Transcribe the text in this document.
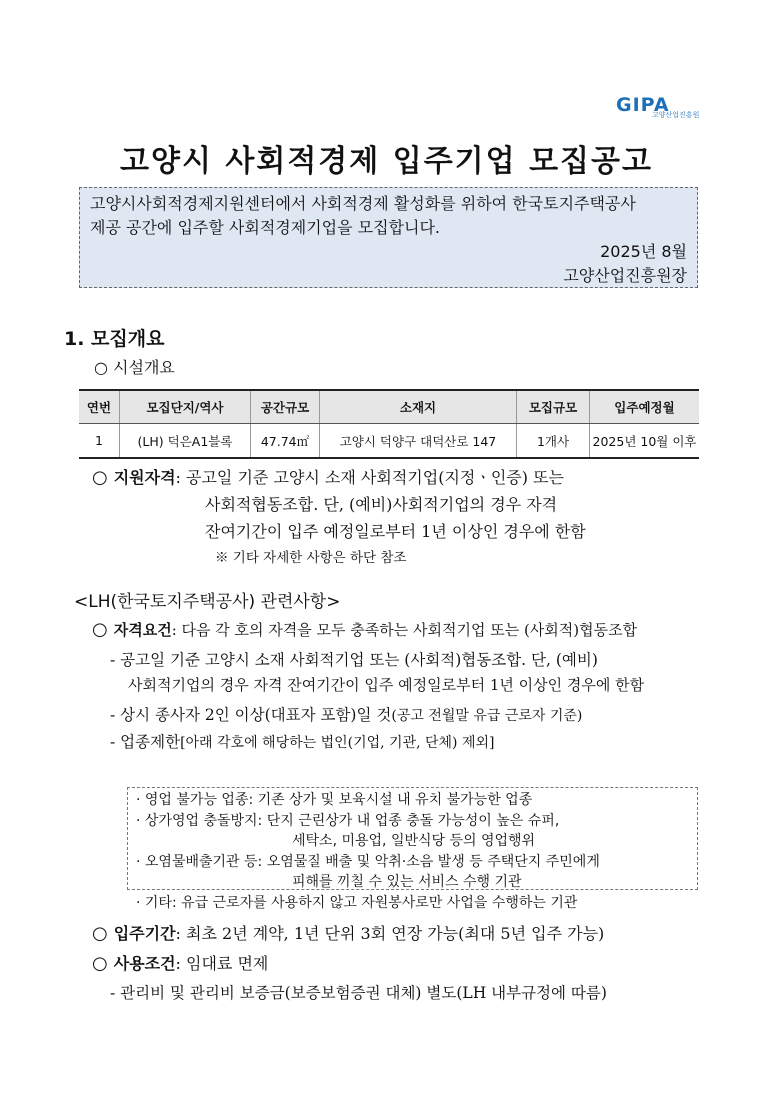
GIPA
고양산업진흥원
고양시 사회적경제 입주기업 모집공고
고양시사회적경제지원센터에서 사회적경제 활성화를 위하여 한국토지주택공사
제공 공간에 입주할 사회적경제기업을 모집합니다.
2025년 8월
고양산업진흥원장
1. 모집개요
○ 시설개요
연번	모집단지/역사	공간규모	소재지	모집규모	입주예정월
1	(LH) 덕은A1블록	47.74㎡	고양시 덕양구 대덕산로 147	1개사	2025년 10월 이후
○ 지원자격: 공고일 기준 고양시 소재 사회적기업(지정ㆍ인증) 또는
사회적협동조합. 단, (예비)사회적기업의 경우 자격
잔여기간이 입주 예정일로부터 1년 이상인 경우에 한함
※ 기타 자세한 사항은 하단 참조
<LH(한국토지주택공사) 관련사항>
○ 자격요건: 다음 각 호의 자격을 모두 충족하는 사회적기업 또는 (사회적)협동조합
- 공고일 기준 고양시 소재 사회적기업 또는 (사회적)협동조합. 단, (예비)
사회적기업의 경우 자격 잔여기간이 입주 예정일로부터 1년 이상인 경우에 한함
- 상시 종사자 2인 이상(대표자 포함)일 것(공고 전월말 유급 근로자 기준)
- 업종제한[아래 각호에 해당하는 법인(기업, 기관, 단체) 제외]
· 영업 불가능 업종: 기존 상가 및 보육시설 내 유치 불가능한 업종
· 상가영업 충돌방지: 단지 근린상가 내 업종 충돌 가능성이 높은 슈퍼,
세탁소, 미용업, 일반식당 등의 영업행위
· 오염물배출기관 등: 오염물질 배출 및 악취·소음 발생 등 주택단지 주민에게
피해를 끼칠 수 있는 서비스 수행 기관
· 기타: 유급 근로자를 사용하지 않고 자원봉사로만 사업을 수행하는 기관
○ 입주기간: 최초 2년 계약, 1년 단위 3회 연장 가능(최대 5년 입주 가능)
○ 사용조건: 임대료 면제
- 관리비 및 관리비 보증금(보증보험증권 대체) 별도(LH 내부규정에 따름)
